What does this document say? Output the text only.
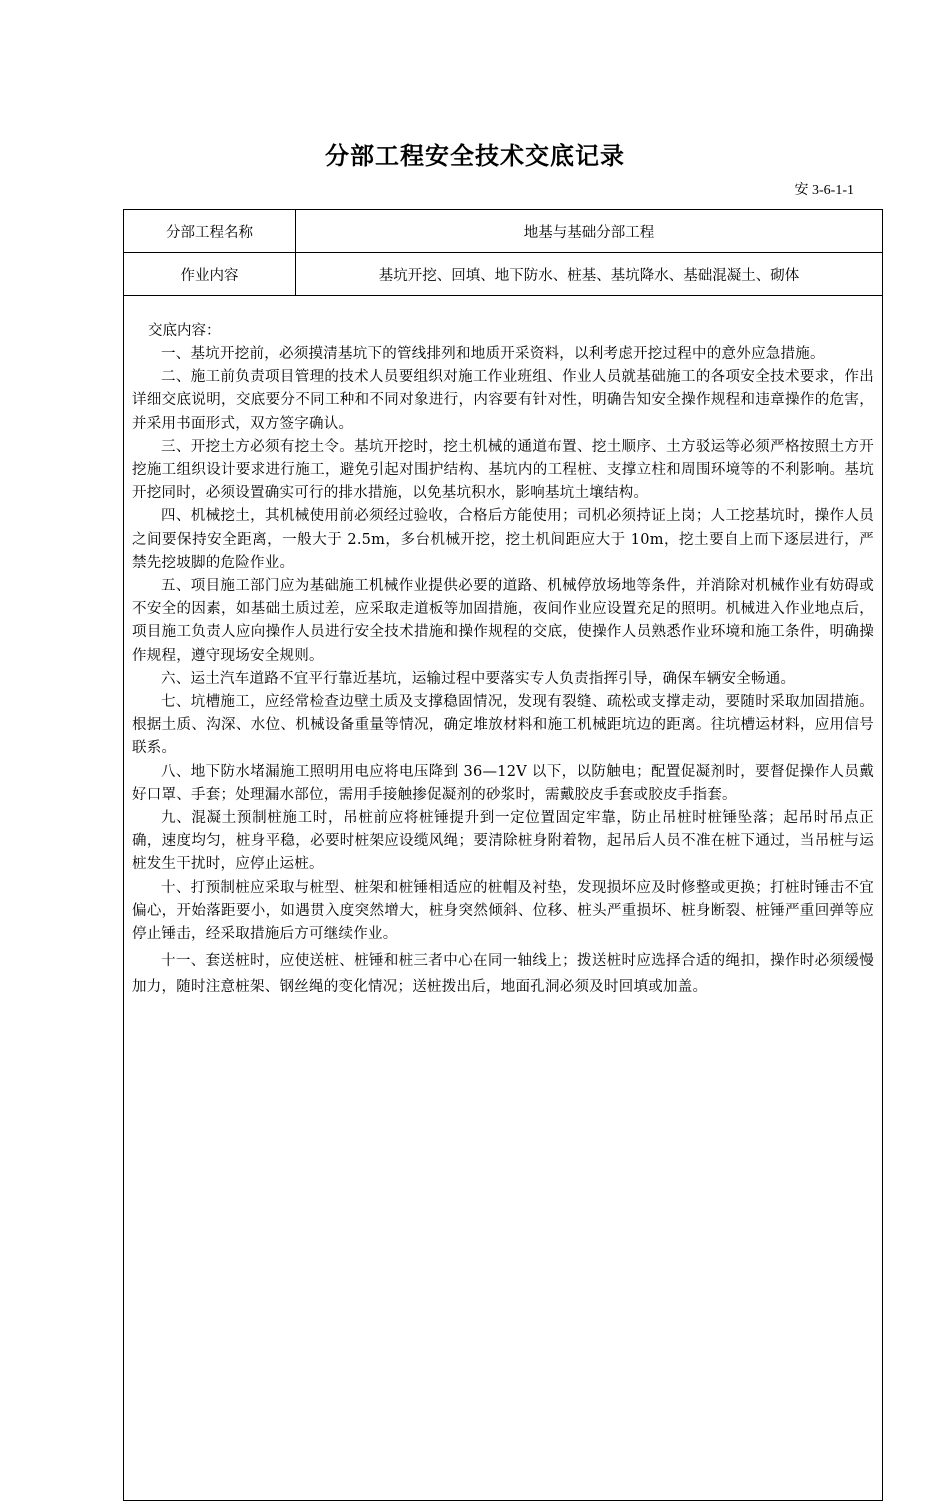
分部工程安全技术交底记录
安 3-6-1-1
分部工程名称	地基与基础分部工程
作业内容	基坑开挖、回填、地下防水、桩基、基坑降水、基础混凝土、砌体
交底内容：

一、基坑开挖前，必须摸清基坑下的管线排列和地质开采资料，以利考虑开挖过程中的意外应急措施。

二、施工前负责项目管理的技术人员要组织对施工作业班组、作业人员就基础施工的各项安全技术要求，作出详细交底说明，交底要分不同工种和不同对象进行，内容要有针对性，明确告知安全操作规程和违章操作的危害，并采用书面形式，双方签字确认。

三、开挖土方必须有挖土令。基坑开挖时，挖土机械的通道布置、挖土顺序、土方驳运等必须严格按照土方开挖施工组织设计要求进行施工，避免引起对围护结构、基坑内的工程桩、支撑立柱和周围环境等的不利影响。基坑开挖同时，必须设置确实可行的排水措施，以免基坑积水，影响基坑土壤结构。

四、机械挖土，其机械使用前必须经过验收，合格后方能使用；司机必须持证上岗；人工挖基坑时，操作人员之间要保持安全距离，一般大于 2.5m，多台机械开挖，挖土机间距应大于 10m，挖土要自上而下逐层进行，严禁先挖坡脚的危险作业。

五、项目施工部门应为基础施工机械作业提供必要的道路、机械停放场地等条件，并消除对机械作业有妨碍或不安全的因素，如基础土质过差，应采取走道板等加固措施，夜间作业应设置充足的照明。机械进入作业地点后，项目施工负责人应向操作人员进行安全技术措施和操作规程的交底，使操作人员熟悉作业环境和施工条件，明确操作规程，遵守现场安全规则。

六、运土汽车道路不宜平行靠近基坑，运输过程中要落实专人负责指挥引导，确保车辆安全畅通。

七、坑槽施工，应经常检查边壁土质及支撑稳固情况，发现有裂缝、疏松或支撑走动，要随时采取加固措施。根据土质、沟深、水位、机械设备重量等情况，确定堆放材料和施工机械距坑边的距离。往坑槽运材料，应用信号联系。

八、地下防水堵漏施工照明用电应将电压降到 36—12V 以下，以防触电；配置促凝剂时，要督促操作人员戴好口罩、手套；处理漏水部位，需用手接触掺促凝剂的砂浆时，需戴胶皮手套或胶皮手指套。

九、混凝土预制桩施工时，吊桩前应将桩锤提升到一定位置固定牢靠，防止吊桩时桩锤坠落；起吊时吊点正确，速度均匀，桩身平稳，必要时桩架应设缆风绳；要清除桩身附着物，起吊后人员不准在桩下通过，当吊桩与运桩发生干扰时，应停止运桩。

十、打预制桩应采取与桩型、桩架和桩锤相适应的桩帽及衬垫，发现损坏应及时修整或更换；打桩时锤击不宜偏心，开始落距要小，如遇贯入度突然增大，桩身突然倾斜、位移、桩头严重损坏、桩身断裂、桩锤严重回弹等应停止锤击，经采取措施后方可继续作业。

十一、套送桩时，应使送桩、桩锤和桩三者中心在同一轴线上；拨送桩时应选择合适的绳扣，操作时必须缓慢加力，随时注意桩架、钢丝绳的变化情况；送桩拨出后，地面孔洞必须及时回填或加盖。
